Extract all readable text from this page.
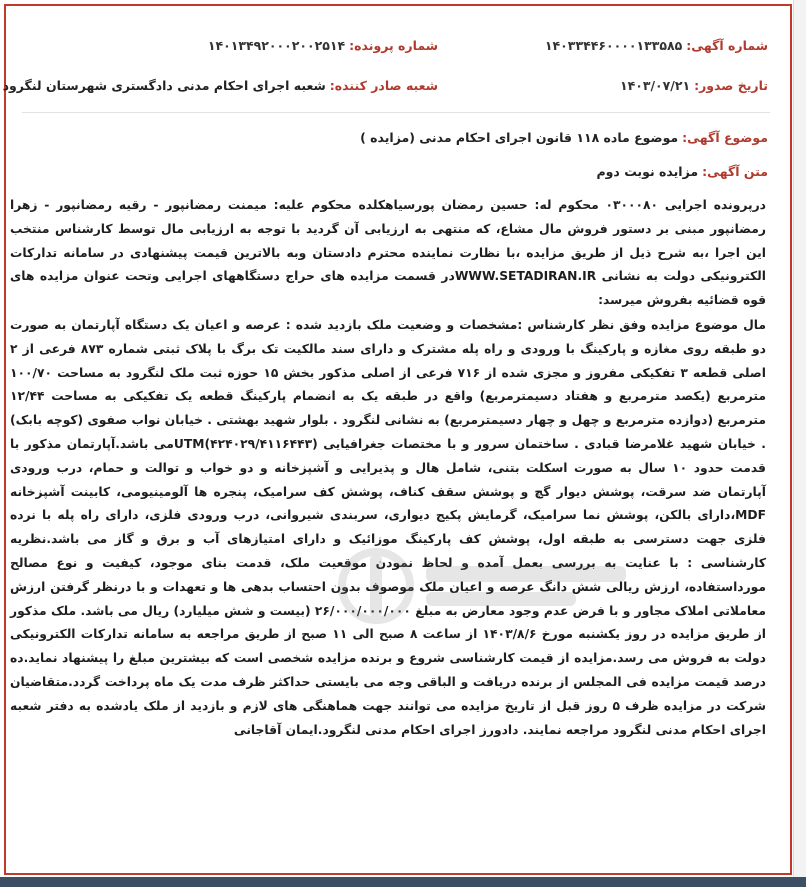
شماره آگهی: ۱۴۰۳۳۴۴۶۰۰۰۰۱۳۳۵۸۵
شماره پرونده: ۱۴۰۱۳۴۹۲۰۰۰۲۰۰۲۵۱۴
تاریخ صدور: ۱۴۰۳/۰۷/۲۱
شعبه صادر کننده: شعبه اجرای احکام مدنی دادگستری شهرستان لنگرود
موضوع آگهی: موضوع ماده ۱۱۸ قانون اجرای احکام مدنی (مزایده )
متن آگهی: مزایده نوبت دوم
درپرونده اجرایی ۰۳۰۰۰۸۰ محکوم له: حسین رمضان پورسیاهکلده محکوم علیه: میمنت رمضانپور - رقیه رمضانپور - زهرا رمضانپور مبنی بر دستور فروش مال مشاع، که منتهی به ارزیابی آن گردید با توجه به ارزیابی مال توسط کارشناس منتخب این اجرا ،به شرح ذیل از طریق مزایده ،با نظارت نماینده محترم دادستان وبه بالاترین قیمت پیشنهادی در سامانه تدارکات الکترونیکی دولت به نشانی WWW.SETADIRAN.IRدر قسمت مزایده های حراج دستگاههای اجرایی وتحت عنوان مزایده های قوه قضائیه بفروش میرسد:
مال موضوع مزایده وفق نظر کارشناس :مشخصات و وضعیت ملک بازدید شده : عرصه و اعیان یک دستگاه آپارتمان به صورت دو طبقه روی مغازه و پارکینگ با ورودی و راه پله مشترک و دارای سند مالکیت تک برگ با پلاک ثبتی شماره ۸۷۳ فرعی از ۲ اصلی قطعه ۳ تفکیکی مفروز و مجزی شده از ۷۱۶ فرعی از اصلی مذکور بخش ۱۵ حوزه ثبت ملک لنگرود به مساحت ۱۰۰/۷۰ مترمربع (یکصد مترمربع و هفتاد دسیمترمربع) واقع در طبقه یک به انضمام پارکینگ قطعه یک تفکیکی به مساحت ۱۲/۴۴ مترمربع (دوازده مترمربع و چهل و چهار دسیمترمربع) به نشانی لنگرود . بلوار شهید بهشتی . خیابان نواب صفوی (کوچه بابک) . خیابان شهید غلامرضا قبادی . ساختمان سرور و با مختصات جغرافیایی (۴۲۴۰۲۹/۴۱۱۶۴۴۳)UTMمی باشد.آپارتمان مذکور با قدمت حدود ۱۰ سال به صورت اسکلت بتنی، شامل هال و پذیرایی و آشپزخانه و دو خواب و توالت و حمام، درب ورودی آپارتمان ضد سرقت، پوشش دیوار گچ و پوشش سقف کناف، پوشش کف سرامیک، پنجره ها آلومینیومی، کابینت آشپزخانه MDF،دارای بالکن، پوشش نما سرامیک، گرمایش پکیج دیواری، سربندی شیروانی، درب ورودی فلزی، دارای راه پله با نرده فلزی جهت دسترسی به طبقه اول، پوشش کف پارکینگ موزائیک و دارای امتیازهای آب و برق و گاز می باشد.نظریه کارشناسی : با عنایت به بررسی بعمل آمده و لحاظ نمودن موقعیت ملک، قدمت بنای موجود، کیفیت و نوع مصالح مورداستفاده، ارزش ریالی شش دانگ عرصه و اعیان ملک موصوف بدون احتساب بدهی ها و تعهدات و با درنظر گرفتن ارزش معاملاتی املاک مجاور و با فرض عدم وجود معارض به مبلغ ۲۶/۰۰۰/۰۰۰/۰۰۰ (بیست و شش میلیارد) ریال می باشد. ملک مذکور از طریق مزایده در روز یکشنبه مورخ ۱۴۰۳/۸/۶ از ساعت ۸ صبح الی ۱۱ صبح از طریق مراجعه به سامانه تدارکات الکترونیکی دولت به فروش می رسد.مزایده از قیمت کارشناسی شروع و برنده مزایده شخصی است که بیشترین مبلغ را پیشنهاد نماید.ده درصد قیمت مزایده فی المجلس از برنده دریافت و الباقی وجه می بایستی حداکثر ظرف مدت یک ماه پرداخت گردد.متقاضیان شرکت در مزایده ظرف ۵ روز قبل از تاریخ مزایده می توانند جهت هماهنگی های لازم و بازدید از ملک یادشده به دفتر شعبه اجرای احکام مدنی لنگرود مراجعه نمایند. دادورز اجرای احکام مدنی لنگرود.ایمان آقاجانی
